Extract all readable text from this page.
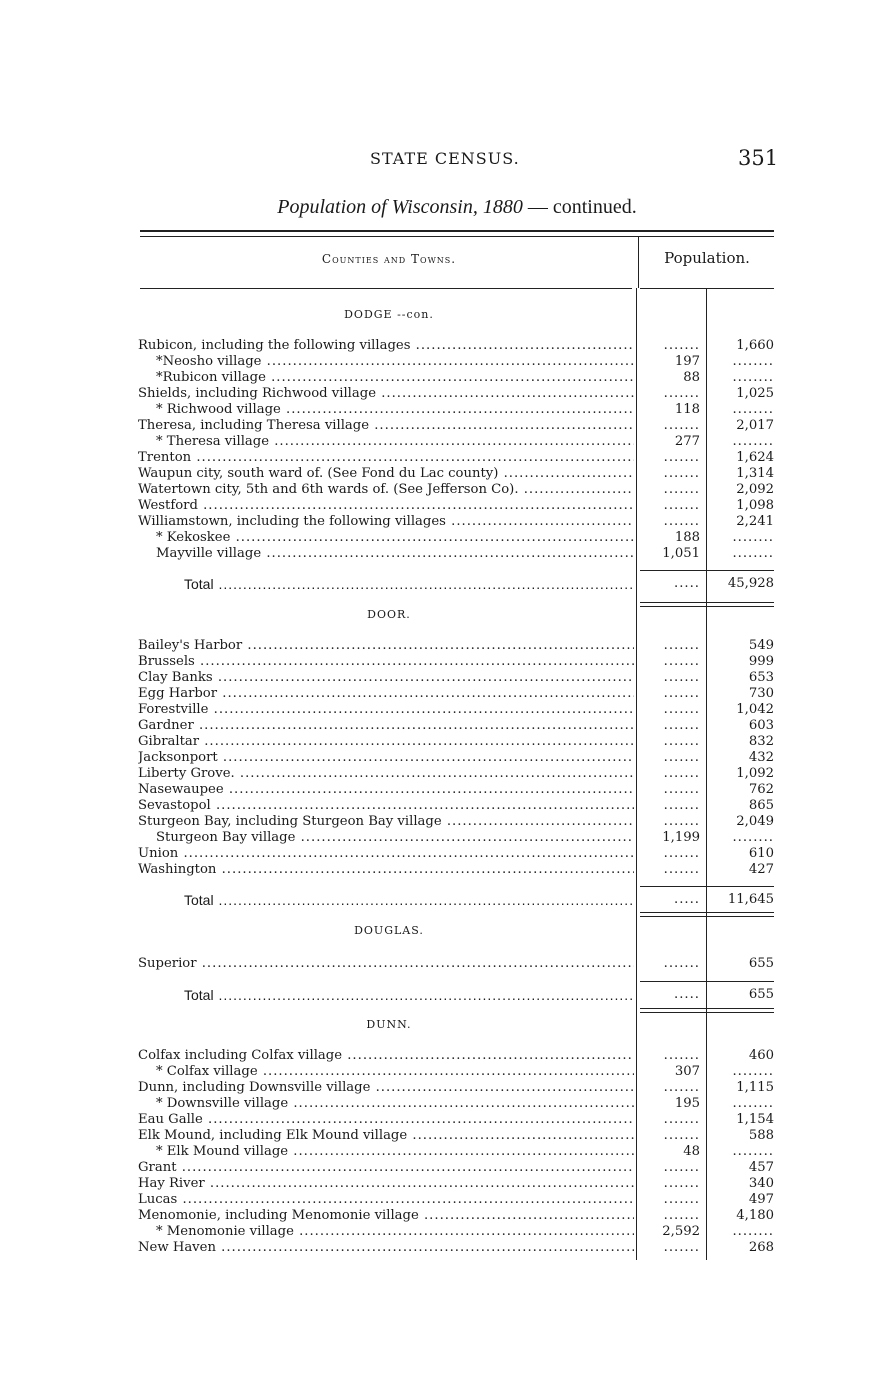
STATE CENSUS.	351
Population of Wisconsin, 1880 — continued.
Counties and Towns.	Population.
DODGE --con.
Rubicon, including the following villages .....	.......	1,660
*Neosho village .....	197	........
*Rubicon village .....	88	........
Shields, including Richwood village .....	.......	1,025
* Richwood village .....	118	........
Theresa, including Theresa village .....	.......	2,017
* Theresa village .....	277	........
Trenton .....	.......	1,624
Waupun city, south ward of. (See Fond du Lac county) .....	.......	1,314
Watertown city, 5th and 6th wards of. (See Jefferson Co). .....	.......	2,092
Westford .....	.......	1,098
Williamstown, including the following villages .....	.......	2,241
* Kekoskee .....	188	........
Mayville village .....	1,051	........
Total .....	.....	45,928
DOOR.
Bailey's Harbor .....	.......	549
Brussels .....	.......	999
Clay Banks .....	.......	653
Egg Harbor .....	.......	730
Forestville .....	.......	1,042
Gardner .....	.......	603
Gibraltar .....	.......	832
Jacksonport .....	.......	432
Liberty Grove. .....	.......	1,092
Nasewaupee .....	.......	762
Sevastopol .....	.......	865
Sturgeon Bay, including Sturgeon Bay village .....	.......	2,049
Sturgeon Bay village .....	1,199	........
Union .....	.......	610
Washington .....	.......	427
Total .....	.....	11,645
DOUGLAS.
Superior .....	.......	655
Total .....	.....	655
DUNN.
Colfax including Colfax village .....	.......	460
* Colfax village .....	307	........
Dunn, including Downsville village .....	.......	1,115
* Downsville village .....	195	........
Eau Galle .....	.......	1,154
Elk Mound, including Elk Mound village .....	.......	588
* Elk Mound village .....	48	........
Grant .....	.......	457
Hay River .....	.......	340
Lucas .....	.......	497
Menomonie, including Menomonie village .....	.......	4,180
* Menomonie village .....	2,592	........
New Haven .....	.......	268
